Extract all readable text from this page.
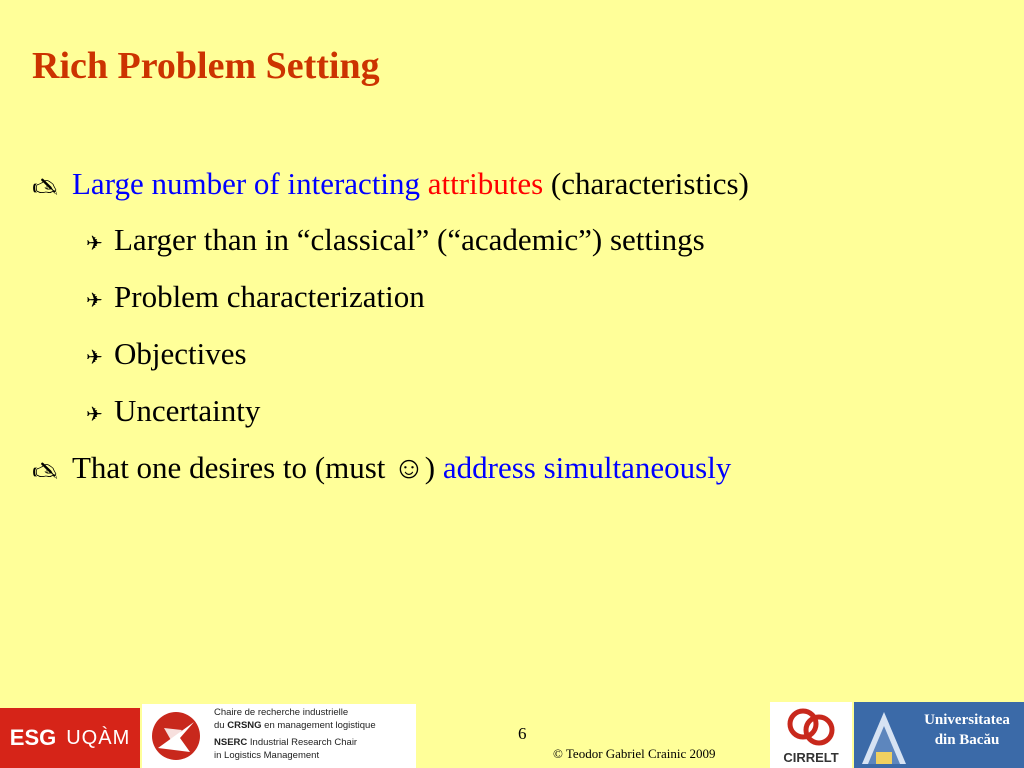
Rich Problem Setting
🖎 Large number of interacting
attributes
(characteristics)
✈ Larger than in “classical” (“academic”) settings
✈ Problem characterization
✈ Objectives
✈ Uncertainty
🖎 That one desires to (must
☺ )
address simultaneously
ESG UQÀM
Chaire de recherche industrielle
du CRSNG en management logistique
NSERC Industrial Research Chair
in Logistics Management
6
© Teodor Gabriel Crainic 2009	CIRRELT
Universitatea
din Bacău
